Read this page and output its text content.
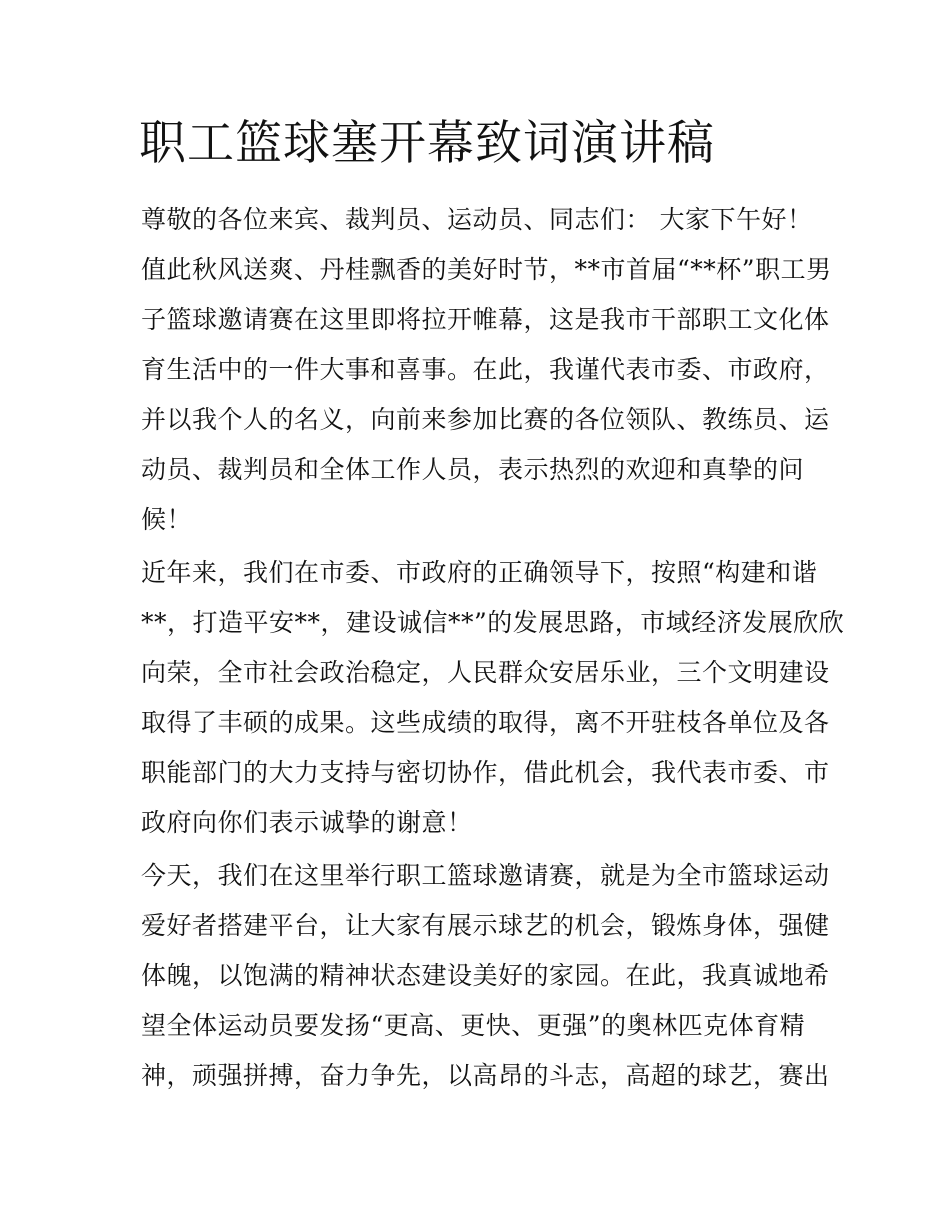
职工篮球塞开幕致词演讲稿

尊敬的各位来宾、裁判员、运动员、同志们： 大家下午好！

值此秋风送爽、丹桂飘香的美好时节，**市首届“**杯”职工男

子篮球邀请赛在这里即将拉开帷幕，这是我市干部职工文化体

育生活中的一件大事和喜事。在此，我谨代表市委、市政府，

并以我个人的名义，向前来参加比赛的各位领队、教练员、运

动员、裁判员和全体工作人员，表示热烈的欢迎和真挚的问

候！

近年来，我们在市委、市政府的正确领导下，按照“构建和谐

**，打造平安**，建设诚信**”的发展思路，市域经济发展欣欣

向荣，全市社会政治稳定，人民群众安居乐业，三个文明建设

取得了丰硕的成果。这些成绩的取得，离不开驻枝各单位及各

职能部门的大力支持与密切协作，借此机会，我代表市委、市

政府向你们表示诚挚的谢意！

今天，我们在这里举行职工篮球邀请赛，就是为全市篮球运动

爱好者搭建平台，让大家有展示球艺的机会，锻炼身体，强健

体魄，以饱满的精神状态建设美好的家园。在此，我真诚地希

望全体运动员要发扬“更高、更快、更强”的奥林匹克体育精

神，顽强拼搏，奋力争先，以高昂的斗志，高超的球艺，赛出
